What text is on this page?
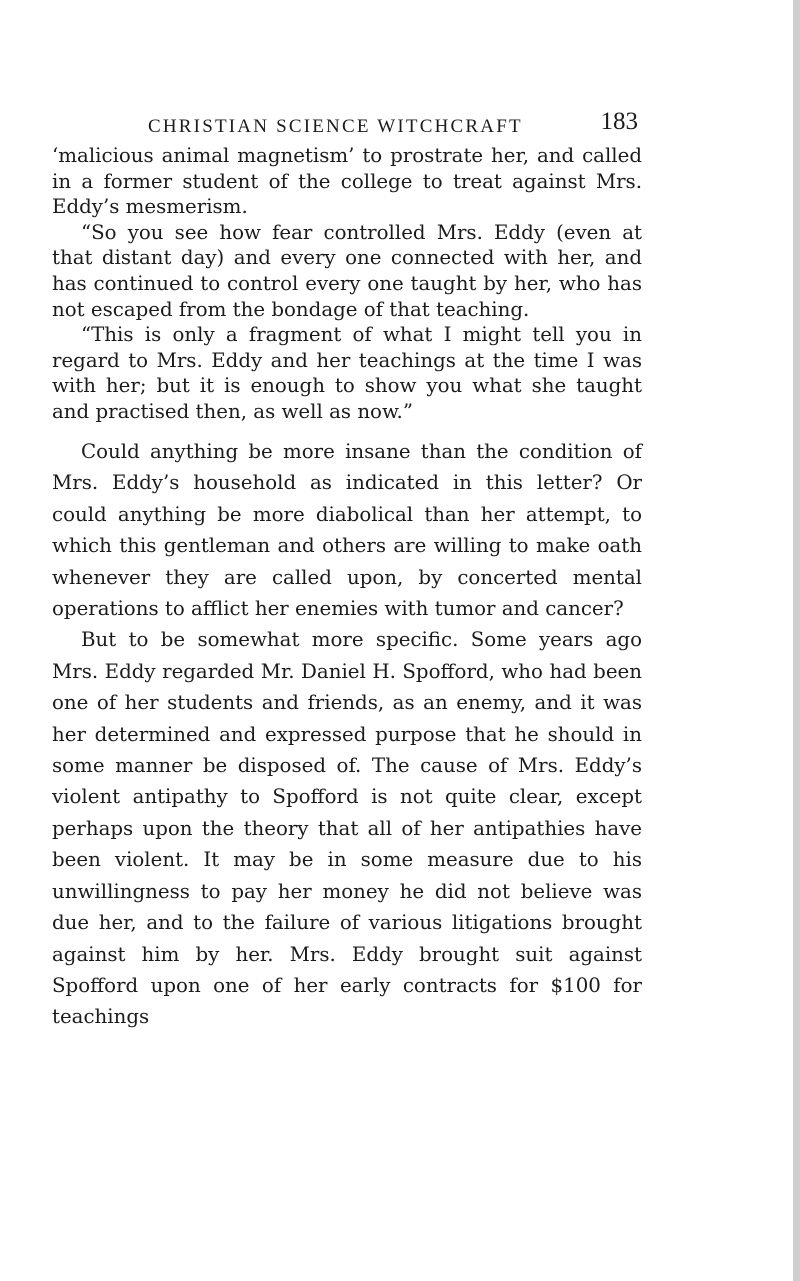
CHRISTIAN SCIENCE WITCHCRAFT	183

‘malicious animal magnetism’ to prostrate her, and called in a former student of the college to treat against Mrs. Eddy’s mesmerism.

“So you see how fear controlled Mrs. Eddy (even at that distant day) and every one connected with her, and has continued to control every one taught by her, who has not escaped from the bondage of that teaching.

“This is only a fragment of what I might tell you in regard to Mrs. Eddy and her teachings at the time I was with her; but it is enough to show you what she taught and practised then, as well as now.”

Could anything be more insane than the condition of Mrs. Eddy’s household as indicated in this letter? Or could anything be more diabolical than her attempt, to which this gentleman and others are willing to make oath whenever they are called upon, by concerted mental operations to afflict her enemies with tumor and cancer?

But to be somewhat more specific. Some years ago Mrs. Eddy regarded Mr. Daniel H. Spofford, who had been one of her students and friends, as an enemy, and it was her determined and expressed purpose that he should in some manner be disposed of. The cause of Mrs. Eddy’s violent antipathy to Spofford is not quite clear, except perhaps upon the theory that all of her antipathies have been violent. It may be in some measure due to his unwillingness to pay her money he did not believe was due her, and to the failure of various litigations brought against him by her. Mrs. Eddy brought suit against Spofford upon one of her early contracts for $100 for teachings
